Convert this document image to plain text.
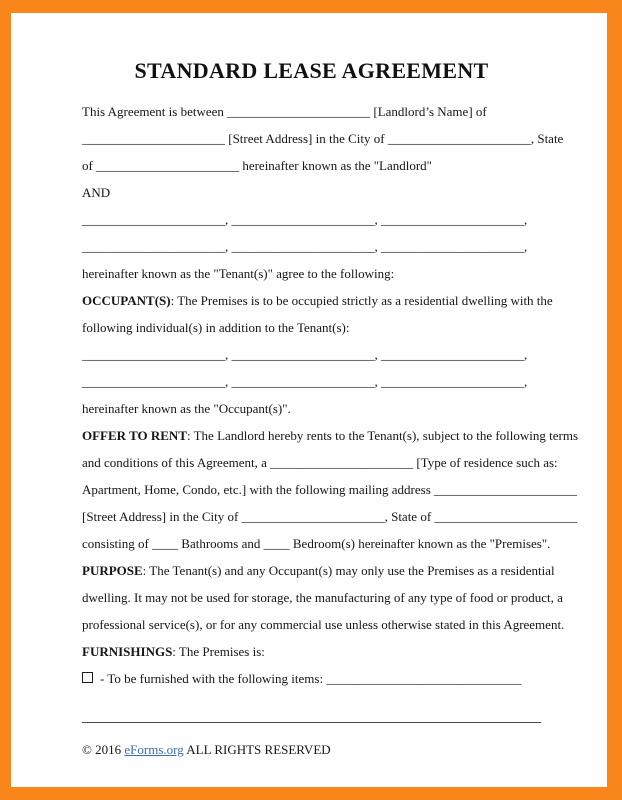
STANDARD LEASE AGREEMENT
This Agreement is between ______________________ [Landlord’s Name] of
______________________ [Street Address] in the City of ______________________, State
of ______________________ hereinafter known as the "Landlord"
AND
______________________, ______________________, ______________________,
______________________, ______________________, ______________________,
hereinafter known as the "Tenant(s)" agree to the following:
OCCUPANT(S): The Premises is to be occupied strictly as a residential dwelling with the
following individual(s) in addition to the Tenant(s):
______________________, ______________________, ______________________,
______________________, ______________________, ______________________,
hereinafter known as the "Occupant(s)".
OFFER TO RENT: The Landlord hereby rents to the Tenant(s), subject to the following terms
and conditions of this Agreement, a ______________________ [Type of residence such as:
Apartment, Home, Condo, etc.] with the following mailing address ______________________
[Street Address] in the City of ______________________, State of ______________________
consisting of ____ Bathrooms and ____ Bedroom(s) hereinafter known as the "Premises".
PURPOSE: The Tenant(s) and any Occupant(s) may only use the Premises as a residential
dwelling. It may not be used for storage, the manufacturing of any type of food or product, a
professional service(s), or for any commercial use unless otherwise stated in this Agreement.
FURNISHINGS: The Premises is:
- To be furnished with the following items: ______________________________
© 2016 eForms.org ALL RIGHTS RESERVED
